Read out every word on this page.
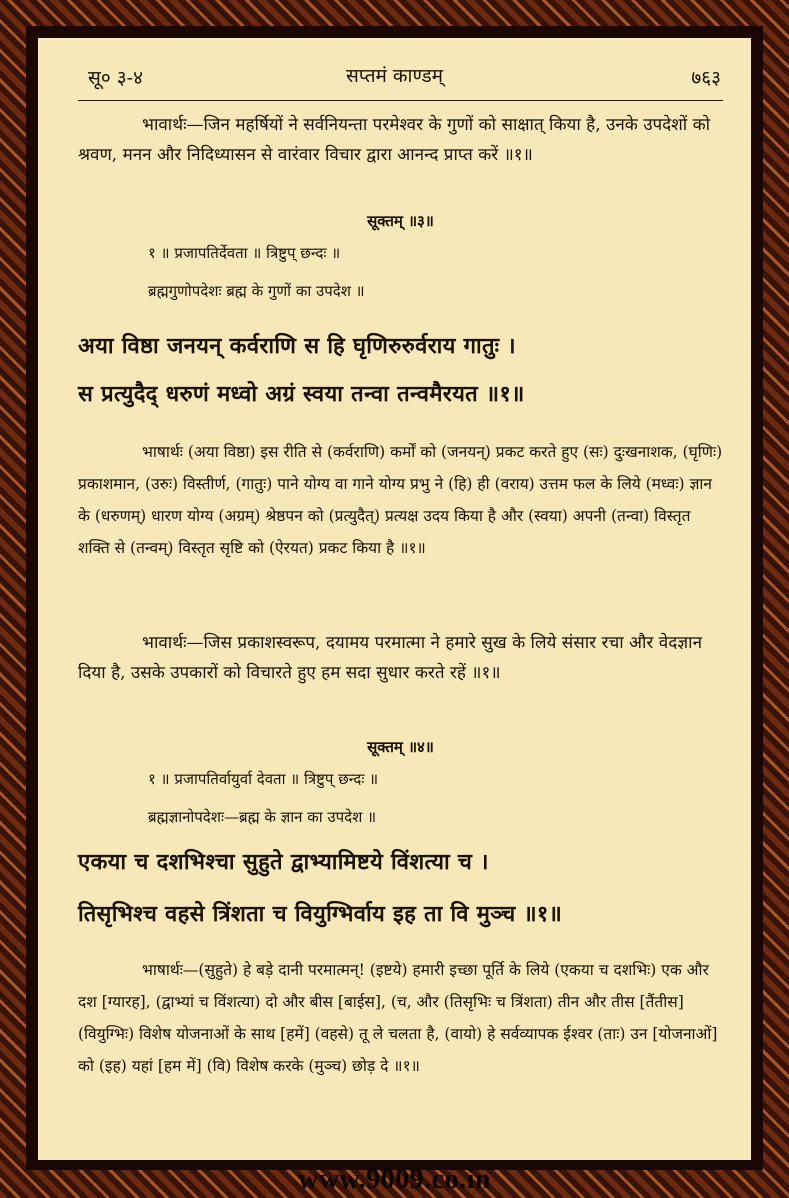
सू० ३-४	सप्तमं काण्डम्	७६३

भावार्थः—जिन महर्षियों ने सर्वनियन्ता परमेश्वर के गुणों को साक्षात् किया है, उनके उपदेशों को श्रवण, मनन और निदिध्यासन से वारंवार विचार द्वारा आनन्द प्राप्त करें ॥१॥

सूक्तम् ॥३॥
१ ॥ प्रजापतिर्देवता ॥ त्रिष्टुप् छन्दः ॥
ब्रह्मगुणोपदेशः ब्रह्म के गुणों का उपदेश ॥
अया विष्ठा जनयन् कर्वराणि स हि घृणिरुरुर्वराय गातुः ।
स प्रत्युदैद् धरुणं मध्वो अग्रं स्वया तन्वा तन्वमैरयत ॥१॥

भाषार्थः (अया विष्ठा) इस रीति से (कर्वराणि) कर्मों को (जनयन्) प्रकट करते हुए (सः) दुःखनाशक, (घृणिः) प्रकाशमान, (उरुः) विस्तीर्ण, (गातुः) पाने योग्य वा गाने योग्य प्रभु ने (हि) ही (वराय) उत्तम फल के लिये (मध्वः) ज्ञान के (धरुणम्) धारण योग्य (अग्रम्) श्रेष्ठपन को (प्रत्युदैत्) प्रत्यक्ष उदय किया है और (स्वया) अपनी (तन्वा) विस्तृत शक्ति से (तन्वम्) विस्तृत सृष्टि को (ऐरयत) प्रकट किया है ॥१॥

भावार्थः—जिस प्रकाशस्वरूप, दयामय परमात्मा ने हमारे सुख के लिये संसार रचा और वेदज्ञान दिया है, उसके उपकारों को विचारते हुए हम सदा सुधार करते रहें ॥१॥

सूक्तम् ॥४॥
१ ॥ प्रजापतिर्वायुर्वा देवता ॥ त्रिष्टुप् छन्दः ॥
ब्रह्मज्ञानोपदेशः—ब्रह्म के ज्ञान का उपदेश ॥
एकया च दशभिश्चा सुहुते द्वाभ्यामिष्टये विंशत्या च ।
तिसृभिश्च वहसे त्रिंशता च वियुग्भिर्वाय इह ता वि मुञ्च ॥१॥

भाषार्थः—(सुहुते) हे बड़े दानी परमात्मन्! (इष्टये) हमारी इच्छा पूर्ति के लिये (एकया च दशभिः) एक और दश [ग्यारह], (द्वाभ्यां च विंशत्या) दो और बीस [बाईस], (च, और (तिसृभिः च त्रिंशता) तीन और तीस [तैंतीस] (वियुग्भिः) विशेष योजनाओं के साथ [हमें] (वहसे) तू ले चलता है, (वायो) हे सर्वव्यापक ईश्वर (ताः) उन [योजनाओं] को (इह) यहां [हम में] (वि) विशेष करके (मुञ्च) छोड़ दे ॥१॥

www.9009.co.in
